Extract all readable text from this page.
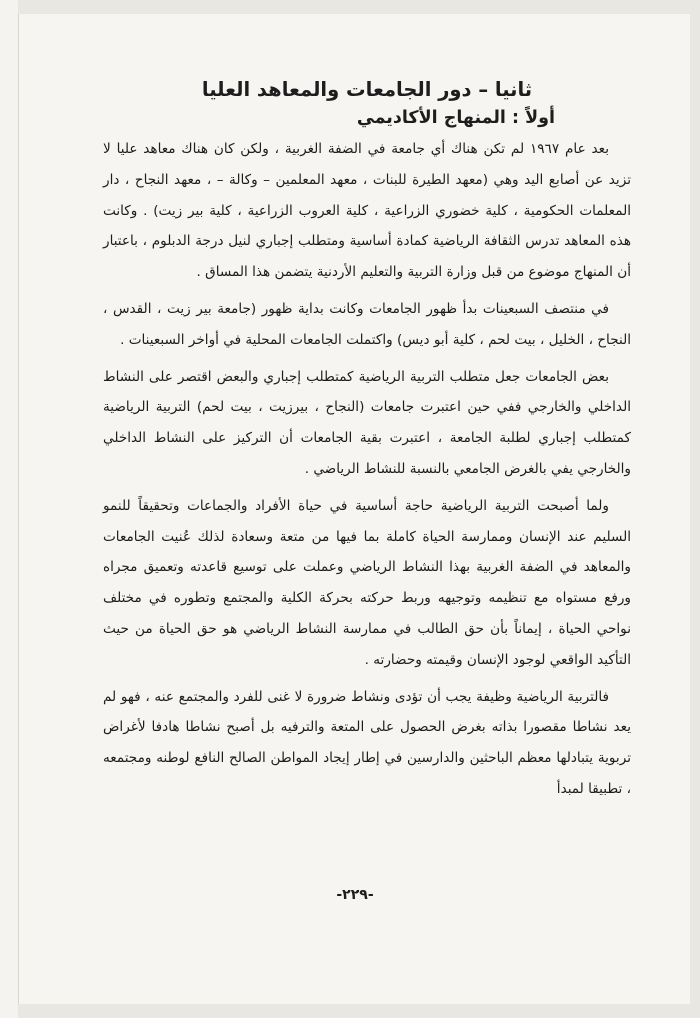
ثانيا – دور الجامعات والمعاهد العليا
أولاً : المنهاج الأكاديمي

بعد عام ١٩٦٧ لم تكن هناك أي جامعة في الضفة الغربية ، ولكن كان هناك معاهد عليا لا تزيد عن أصابع اليد وهي (معهد الطيرة للبنات ، معهد المعلمين – وكالة – ، معهد النجاح ، دار المعلمات الحكومية ، كلية خضوري الزراعية ، كلية العروب الزراعية ، كلية بير زيت) . وكانت هذه المعاهد تدرس الثقافة الرياضية كمادة أساسية ومتطلب إجباري لنيل درجة الدبلوم ، باعتبار أن المنهاج موضوع من قبل وزارة التربية والتعليم الأردنية يتضمن هذا المساق .

في منتصف السبعينات بدأ ظهور الجامعات وكانت بداية ظهور (جامعة بير زيت ، القدس ، النجاح ، الخليل ، بيت لحم ، كلية أبو ديس) واكتملت الجامعات المحلية في أواخر السبعينات .

بعض الجامعات جعل متطلب التربية الرياضية كمتطلب إجباري والبعض اقتصر على النشاط الداخلي والخارجي ففي حين اعتبرت جامعات (النجاح ، بيرزيت ، بيت لحم) التربية الرياضية كمتطلب إجباري لطلبة الجامعة ، اعتبرت بقية الجامعات أن التركيز على النشاط الداخلي والخارجي يفي بالغرض الجامعي بالنسبة للنشاط الرياضي .

ولما أصبحت التربية الرياضية حاجة أساسية في حياة الأفراد والجماعات وتحقيقاً للنمو السليم عند الإنسان وممارسة الحياة كاملة بما فيها من متعة وسعادة لذلك عُنيت الجامعات والمعاهد في الضفة الغربية بهذا النشاط الرياضي وعملت على توسيع قاعدته وتعميق مجراه ورفع مستواه مع تنظيمه وتوجيهه وربط حركته بحركة الكلية والمجتمع وتطوره في مختلف نواحي الحياة ، إيماناً بأن حق الطالب في ممارسة النشاط الرياضي هو حق الحياة من حيث التأكيد الواقعي لوجود الإنسان وقيمته وحضارته .

فالتربية الرياضية وظيفة يجب أن تؤدى ونشاط ضرورة لا غنى للفرد والمجتمع عنه ، فهو لم يعد نشاطا مقصورا بذاته بغرض الحصول على المتعة والترفيه بل أصبح نشاطا هادفا لأغراض تربوية يتبادلها معظم الباحثين والدارسين في إطار إيجاد المواطن الصالح النافع لوطنه ومجتمعه ، تطبيقا لمبدأ

-٢٢٩-
